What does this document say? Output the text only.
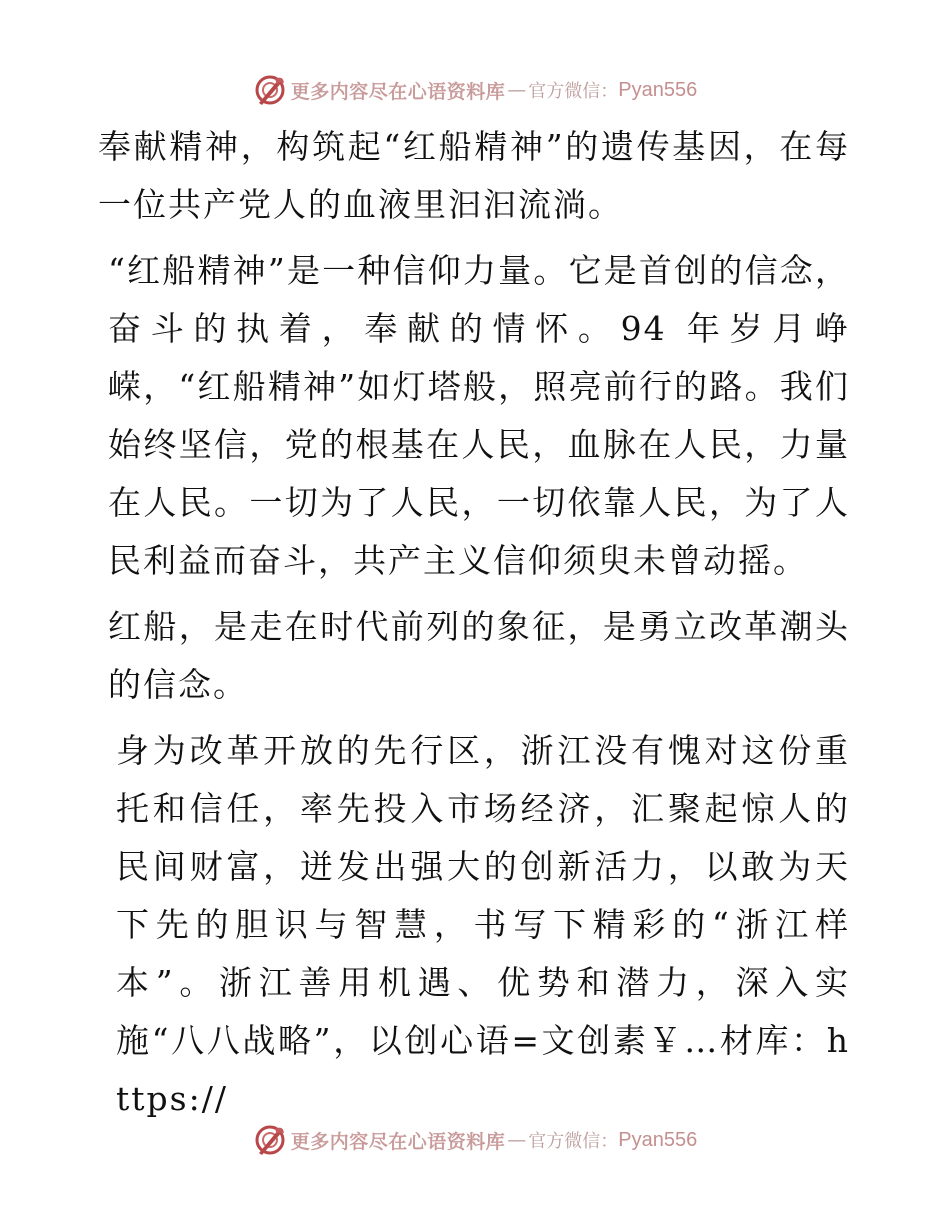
更多内容尽在心语资料库 — 官方微信： Pyan556

奉献精神，构筑起“红船精神”的遗传基因，在每一位共产党人的血液里汩汩流淌。

“红船精神”是一种信仰力量。它是首创的信念，奋斗的执着，奉献的情怀。94 年岁月峥嵘，“红船精神”如灯塔般，照亮前行的路。我们始终坚信，党的根基在人民，血脉在人民，力量在人民。一切为了人民，一切依靠人民，为了人民利益而奋斗，共产主义信仰须臾未曾动摇。

红船，是走在时代前列的象征，是勇立改革潮头的信念。

身为改革开放的先行区，浙江没有愧对这份重托和信任，率先投入市场经济，汇聚起惊人的民间财富，迸发出强大的创新活力，以敢为天下先的胆识与智慧，书写下精彩的“浙江样本”。浙江善用机遇、优势和潜力，深入实施“八八战略”，以创心语=文创素￥…材库：https://

更多内容尽在心语资料库 — 官方微信： Pyan556
